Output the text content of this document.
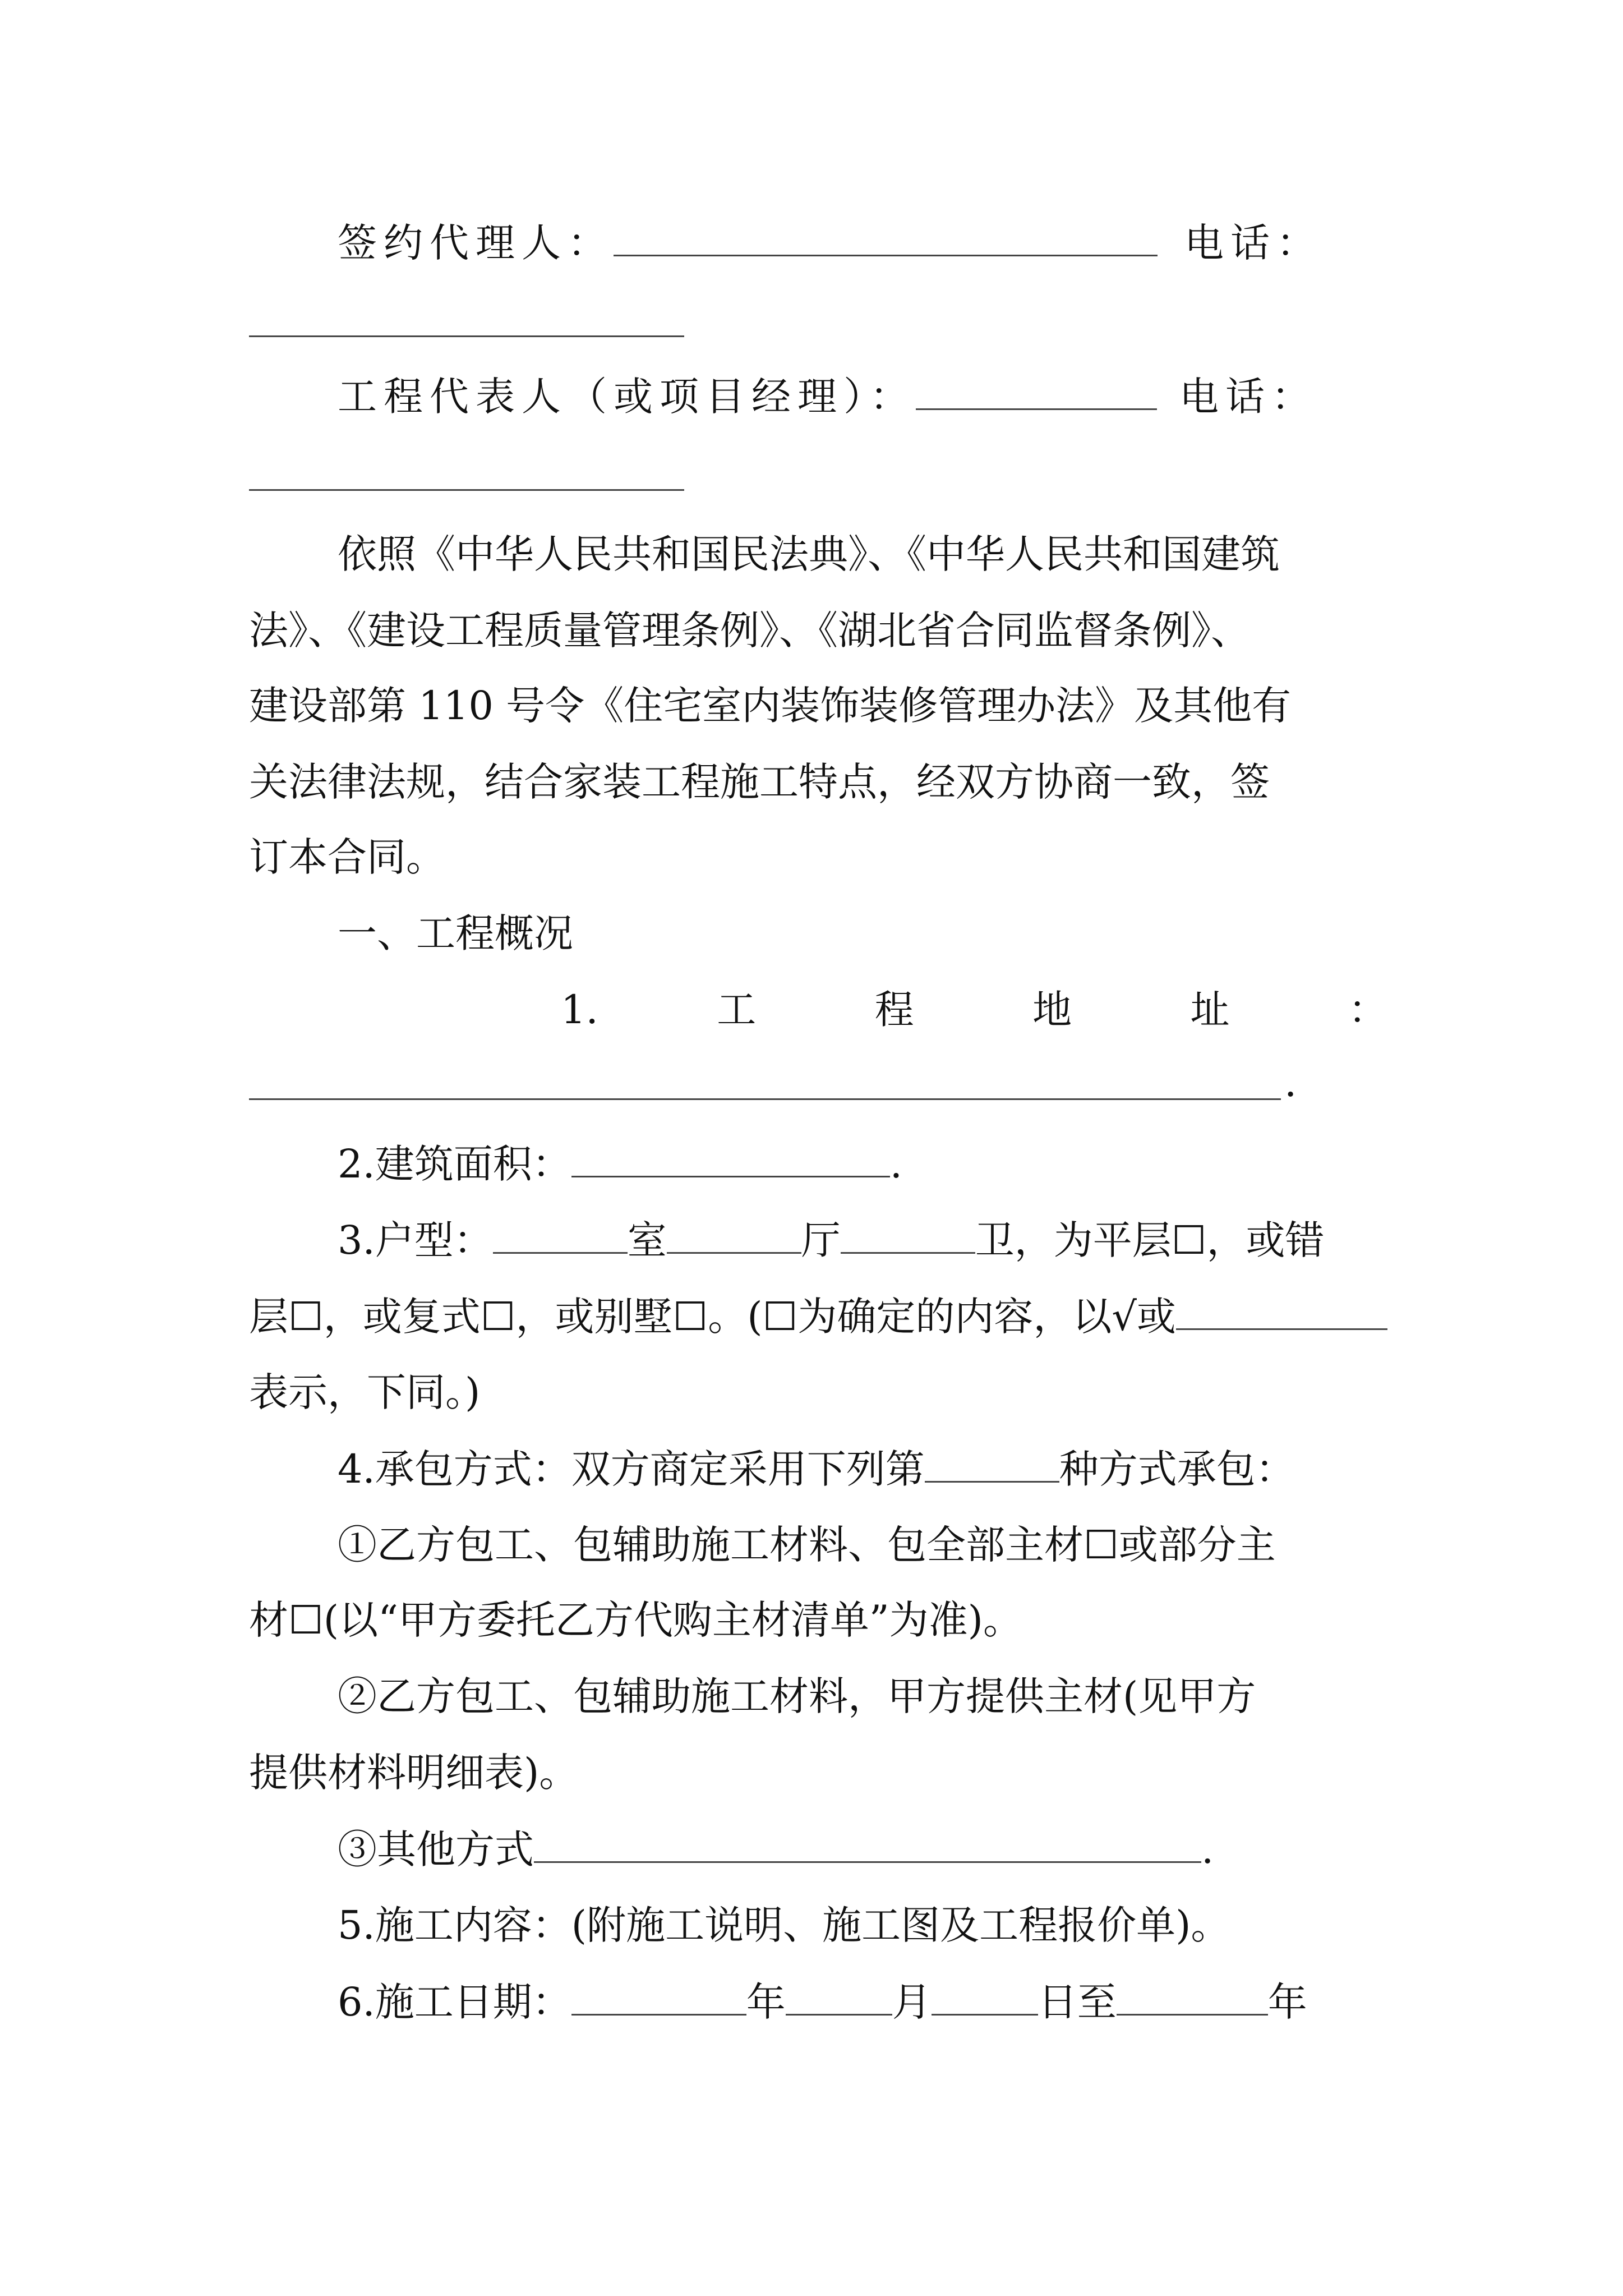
签约代理人：	电话：
工程代表人（或项目经理）：	电话：
依照《中华人民共和国民法典》、《中华人民共和国建筑
法》、《建设工程质量管理条例》、《湖北省合同监督条例》、
建设部第 110 号令《住宅室内装饰装修管理办法》及其他有
关法律法规，结合家装工程施工特点，经双方协商一致，签
订本合同。
一、工程概况
1.	工	程	地	址	：
.
2.建筑面积：	.
3.户型：	室	厅	卫，为平层☐，或错
层☐，或复式☐，或别墅☐。(☐为确定的内容，以√或
表示，下同。)
4.承包方式：双方商定采用下列第	种方式承包：
①乙方包工、包辅助施工材料、包全部主材☐或部分主
材☐(以“甲方委托乙方代购主材清单”为准)。
②乙方包工、包辅助施工材料，甲方提供主材(见甲方
提供材料明细表)。
③其他方式	.
5.施工内容：(附施工说明、施工图及工程报价单)。
6.施工日期：	年	月	日至	年
